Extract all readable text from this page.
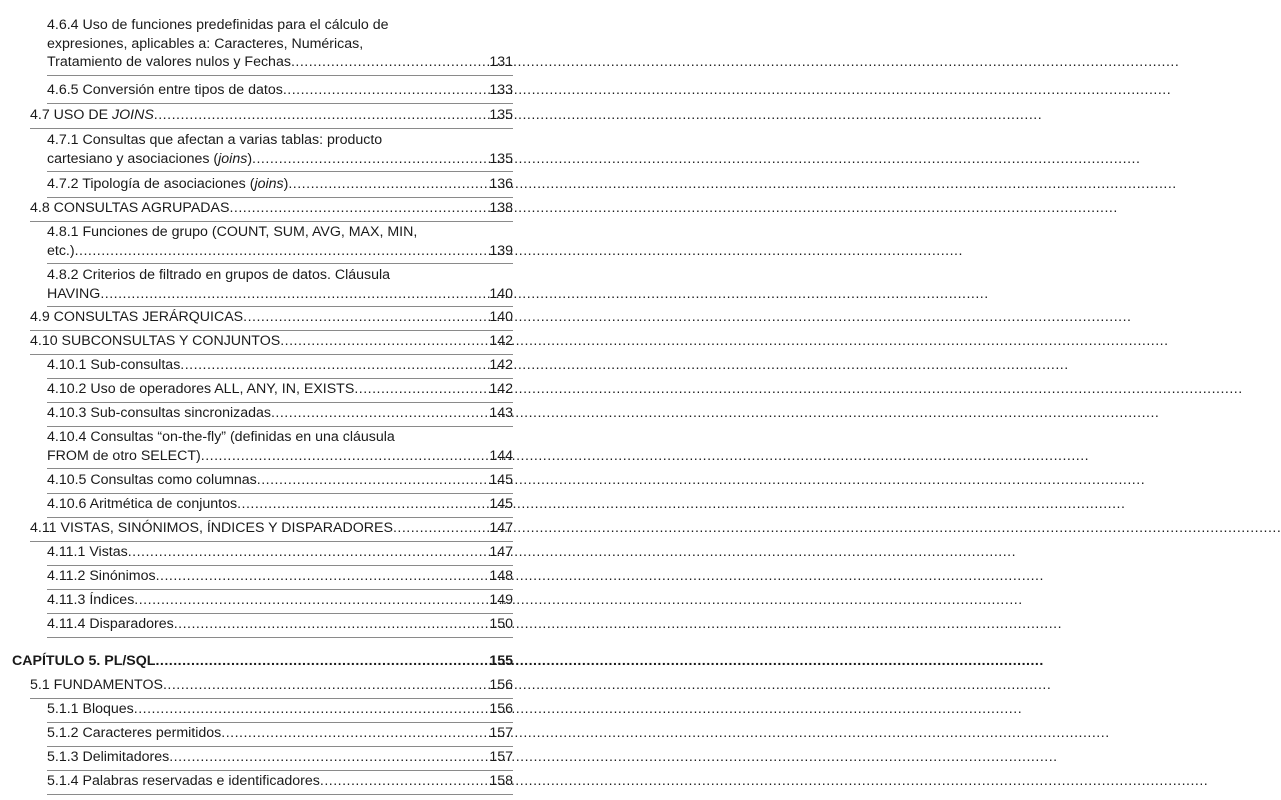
4.6.4 Uso de funciones predefinidas para el cálculo de
expresiones, aplicables a: Caracteres, Numéricas,
Tratamiento de valores nulos y Fechas .....	131
4.6.5 Conversión entre tipos de datos .....	133
4.7 USO DE JOINS .....	135
4.7.1 Consultas que afectan a varias tablas: producto
cartesiano y asociaciones (joins) .....	135
4.7.2 Tipología de asociaciones (joins) .....	136
4.8 CONSULTAS AGRUPADAS .....	138
4.8.1 Funciones de grupo (COUNT, SUM, AVG, MAX, MIN,
etc.) .....	139
4.8.2 Criterios de filtrado en grupos de datos. Cláusula
HAVING .....	140
4.9 CONSULTAS JERÁRQUICAS .....	140
4.10 SUBCONSULTAS Y CONJUNTOS .....	142
4.10.1 Sub-consultas .....	142
4.10.2 Uso de operadores ALL, ANY, IN, EXISTS .....	142
4.10.3 Sub-consultas sincronizadas .....	143
4.10.4 Consultas “on-the-fly” (definidas en una cláusula
FROM de otro SELECT) .....	144
4.10.5 Consultas como columnas .....	145
4.10.6 Aritmética de conjuntos .....	145
4.11 VISTAS, SINÓNIMOS, ÍNDICES Y DISPARADORES .....	147
4.11.1 Vistas .....	147
4.11.2 Sinónimos .....	148
4.11.3 Índices .....	149
4.11.4 Disparadores .....	150
CAPÍTULO 5. PL/SQL .....	155
5.1 FUNDAMENTOS .....	156
5.1.1 Bloques .....	156
5.1.2 Caracteres permitidos .....	157
5.1.3 Delimitadores .....	157
5.1.4 Palabras reservadas e identificadores .....	158
